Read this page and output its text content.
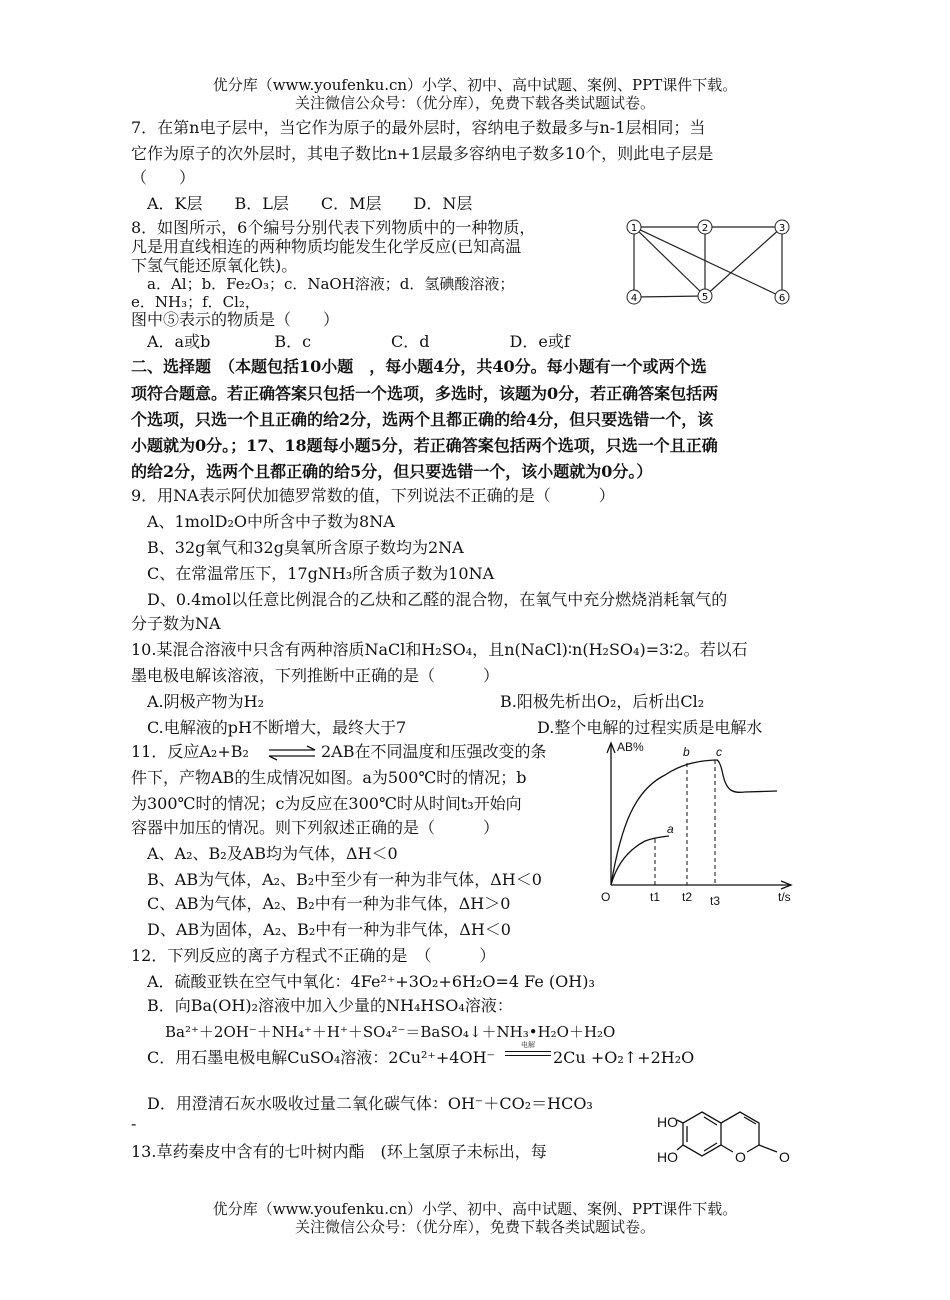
优分库（www.youfenku.cn）小学、初中、高中试题、案例、PPT课件下载。
关注微信公众号：（优分库），免费下载各类试题试卷。
7．在第n电子层中，当它作为原子的最外层时，容纳电子数最多与n-1层相同；当
它作为原子的次外层时，其电子数比n+1层最多容纳电子数多10个，则此电子层是
（　　）
A．K层　　B．L层　　C．M层　　D．N层
8．如图所示，6个编号分别代表下列物质中的一种物质，
凡是用直线相连的两种物质均能发生化学反应(已知高温
下氢气能还原氧化铁)。
a．Al；b．Fe₂O₃；c．NaOH溶液；d．氢碘酸溶液；
e．NH₃；f．Cl₂，
图中⑤表示的物质是（　　）
A．a或b　　　　B．c　　　　　C．d　　　　　D．e或f
1	2	3
4	5	6
二、选择题　（本题包括10小题　，每小题4分，共40分。每小题有一个或两个选
项符合题意。若正确答案只包括一个选项，多选时，该题为0分，若正确答案包括两
个选项，只选一个且正确的给2分，选两个且都正确的给4分，但只要选错一个，该
小题就为0分。；17、18题每小题5分，若正确答案包括两个选项，只选一个且正确
的给2分，选两个且都正确的给5分，但只要选错一个，该小题就为0分。）
9．用NA表示阿伏加德罗常数的值，下列说法不正确的是（　　　）
A、1molD₂O中所含中子数为8NA
B、32g氧气和32g臭氧所含原子数均为2NA
C、在常温常压下，17gNH₃所含质子数为10NA
D、0.4mol以任意比例混合的乙炔和乙醛的混合物，在氧气中充分燃烧消耗氧气的
分子数为NA
10.某混合溶液中只含有两种溶质NaCl和H₂SO₄，且n(NaCl)∶n(H₂SO₄)=3∶2。若以石
墨电极电解该溶液，下列推断中正确的是（　　　）
A.阴极产物为H₂	B.阳极先析出O₂，后析出Cl₂
C.电解液的pH不断增大，最终大于7	D.整个电解的过程实质是电解水
11．反应A₂+B₂ ⇌ 2AB在不同温度和压强改变的条
件下，产物AB的生成情况如图。a为500℃时的情况；b
为300℃时的情况；c为反应在300℃时从时间t₃开始向
容器中加压的情况。则下列叙述正确的是（　　　）
A、A₂、B₂及AB均为气体，ΔH＜0
B、AB为气体，A₂、B₂中至少有一种为非气体，ΔH＜0
C、AB为气体，A₂、B₂中有一种为非气体，ΔH＞0
D、AB为固体，A₂、B₂中有一种为非气体，ΔH＜0
AB%
t/s
O	t1 t2 t3
a
b c
12．下列反应的离子方程式不正确的是　（　　　）
A．硫酸亚铁在空气中氧化：4Fe²⁺+3O₂+6H₂O=4 Fe (OH)₃
B．向Ba(OH)₂溶液中加入少量的NH₄HSO₄溶液：
Ba²⁺＋2OH⁻＋NH₄⁺＋H⁺＋SO₄²⁻＝BaSO₄↓＋NH₃•H₂O＋H₂O
C．用石墨电极电解CuSO₄溶液：2Cu²⁺+4OH⁻
电解
2Cu +O₂↑+2H₂O
D．用澄清石灰水吸收过量二氧化碳气体：OH⁻＋CO₂＝HCO₃
-
13.草药秦皮中含有的七叶树内酯　(环上氢原子未标出，每
HO
HO	O O
优分库（www.youfenku.cn）小学、初中、高中试题、案例、PPT课件下载。
关注微信公众号：（优分库），免费下载各类试题试卷。
